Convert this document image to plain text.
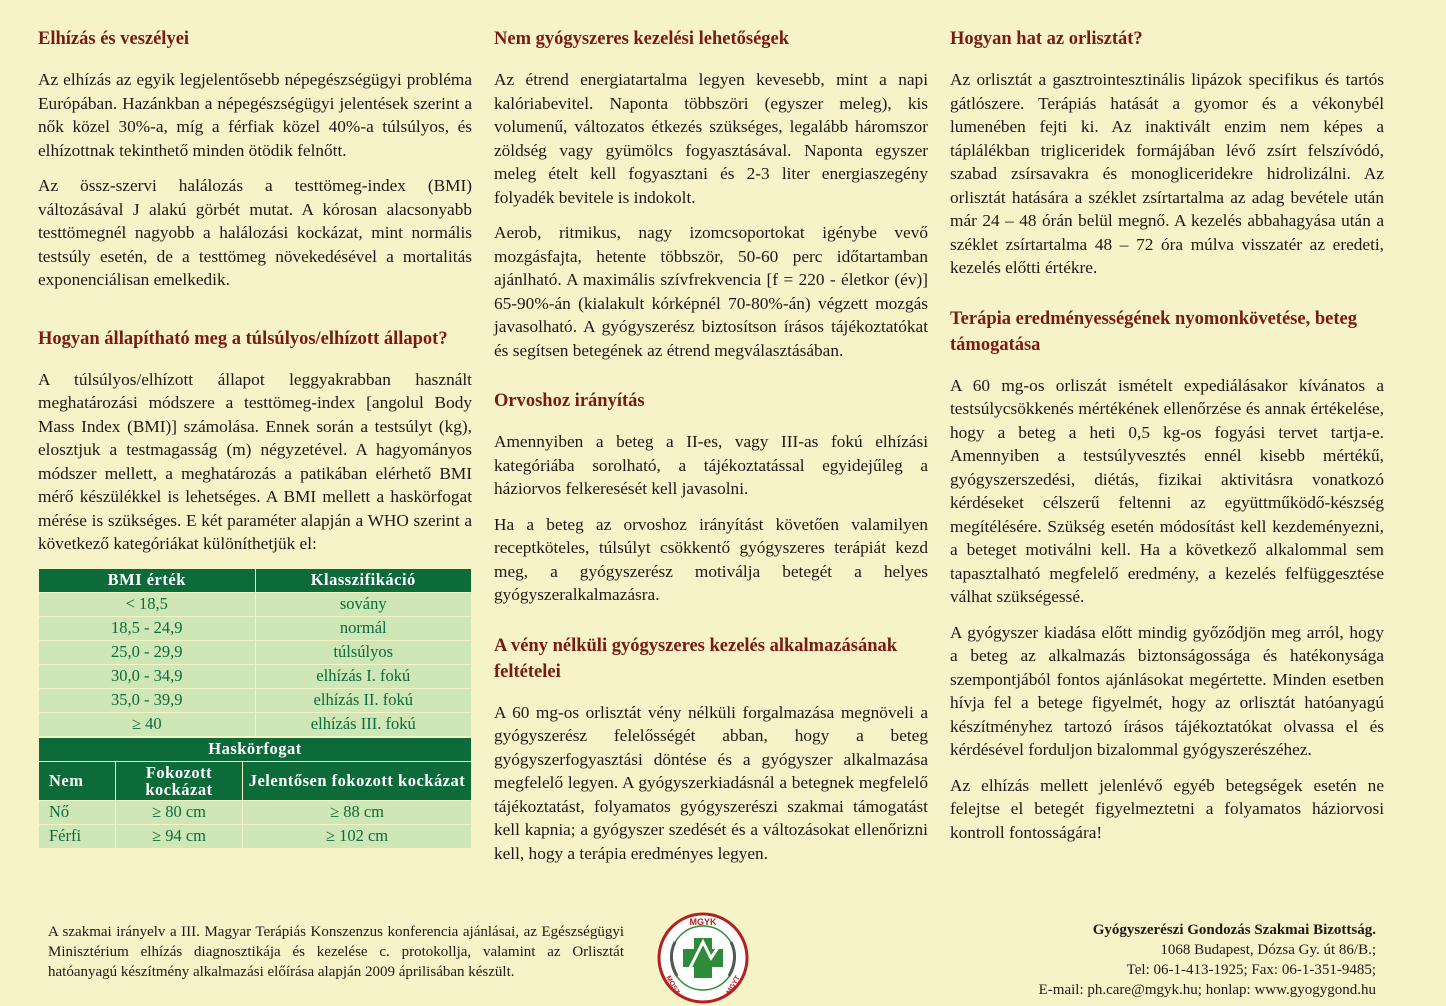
Elhízás és veszélyei

Az elhízás az egyik legjelentősebb népegészségügyi probléma Európában. Hazánkban a népegészségügyi jelentések szerint a nők közel 30%-a, míg a férfiak közel 40%-a túlsúlyos, és elhízottnak tekinthető minden ötödik felnőtt.

Az össz-szervi halálozás a testtömeg-index (BMI) változásával J alakú görbét mutat. A kórosan alacsonyabb testtömegnél nagyobb a halálozási kockázat, mint normális testsúly esetén, de a testtömeg növekedésével a mortalitás exponenciálisan emelkedik.

Hogyan állapítható meg a túlsúlyos/elhízott állapot?

A túlsúlyos/elhízott állapot leggyakrabban használt meghatározási módszere a testtömeg-index [angolul Body Mass Index (BMI)] számolása. Ennek során a testsúlyt (kg), elosztjuk a testmagasság (m) négyzetével. A hagyományos módszer mellett, a meghatározás a patikában elérhető BMI mérő készülékkel is lehetséges. A BMI mellett a haskörfogat mérése is szükséges. E két paraméter alapján a WHO szerint a következő kategóriákat különíthetjük el:

BMI érték	Klasszifikáció
< 18,5	sovány
18,5 - 24,9	normál
25,0 - 29,9	túlsúlyos
30,0 - 34,9	elhízás I. fokú
35,0 - 39,9	elhízás II. fokú
≥ 40	elhízás III. fokú
Haskörfogat		
Nem	Fokozott kockázat	Jelentősen fokozott kockázat
Nő	≥ 80 cm	≥ 88 cm
Férfi	≥ 94 cm	≥ 102 cm
Nem gyógyszeres kezelési lehetőségek

Az étrend energiatartalma legyen kevesebb, mint a napi kalóriabevitel. Naponta többszöri (egyszer meleg), kis volumenű, változatos étkezés szükséges, legalább háromszor zöldség vagy gyümölcs fogyasztásával. Naponta egyszer meleg ételt kell fogyasztani és 2-3 liter energiaszegény folyadék bevitele is indokolt.

Aerob, ritmikus, nagy izomcsoportokat igénybe vevő mozgásfajta, hetente többször, 50-60 perc időtartamban ajánlható. A maximális szívfrekvencia [f = 220 - életkor (év)] 65-90%-án (kialakult kórképnél 70-80%-án) végzett mozgás javasolható. A gyógyszerész biztosítson írásos tájékoztatókat és segítsen betegének az étrend megválasztásában.

Orvoshoz irányítás

Amennyiben a beteg a II-es, vagy III-as fokú elhízási kategóriába sorolható, a tájékoztatással egyidejűleg a háziorvos felkeresését kell javasolni.

Ha a beteg az orvoshoz irányítást követően valamilyen receptköteles, túlsúlyt csökkentő gyógyszeres terápiát kezd meg, a gyógyszerész motiválja betegét a helyes gyógyszeralkalmazásra.

A vény nélküli gyógyszeres kezelés alkalmazásának feltételei

A 60 mg-os orlisztát vény nélküli forgalmazása megnöveli a gyógyszerész felelősségét abban, hogy a beteg gyógyszerfogyasztási döntése és a gyógyszer alkalmazása megfelelő legyen. A gyógyszerkiadásnál a betegnek megfelelő tájékoztatást, folyamatos gyógyszerészi szakmai támogatást kell kapnia; a gyógyszer szedését és a változásokat ellenőrizni kell, hogy a terápia eredményes legyen.

Hogyan hat az orlisztát?

Az orlisztát a gasztrointesztinális lipázok specifikus és tartós gátlószere. Terápiás hatását a gyomor és a vékonybél lumenében fejti ki. Az inaktivált enzim nem képes a táplálékban trigliceridek formájában lévő zsírt felszívódó, szabad zsírsavakra és monogliceridekre hidrolizálni. Az orlisztát hatására a széklet zsírtartalma az adag bevétele után már 24 – 48 órán belül megnő. A kezelés abbahagyása után a széklet zsírtartalma 48 – 72 óra múlva visszatér az eredeti, kezelés előtti értékre.

Terápia eredményességének nyomonkövetése, beteg támogatása

A 60 mg-os orliszát ismételt expediálásakor kívánatos a testsúlycsökkenés mértékének ellenőrzése és annak értékelése, hogy a beteg a heti 0,5 kg-os fogyási tervet tartja-e. Amennyiben a testsúlyvesztés ennél kisebb mértékű, gyógyszerszedési, diétás, fizikai aktivitásra vonatkozó kérdéseket célszerű feltenni az együttműködő-készség megítélésére. Szükség esetén módosítást kell kezdeményezni, a beteget motiválni kell. Ha a következő alkalommal sem tapasztalható megfelelő eredmény, a kezelés felfüggesztése válhat szükségessé.

A gyógyszer kiadása előtt mindig győződjön meg arról, hogy a beteg az alkalmazás biztonságossága és hatékonysága szempontjából fontos ajánlásokat megértette. Minden esetben hívja fel a betege figyelmét, hogy az orlisztát hatóanyagú készítményhez tartozó írásos tájékoztatókat olvassa el és kérdésével forduljon bizalommal gyógyszerészéhez.

Az elhízás mellett jelenlévő egyéb betegségek esetén ne felejtse el betegét figyelmeztetni a folyamatos háziorvosi kontroll fontosságára!

A szakmai irányelv a III. Magyar Terápiás Konszenzus konferencia ajánlásai, az Egészségügyi Minisztérium elhízás diagnosztikája és kezelése c. protokollja, valamint az Orlisztát hatóanyagú készítmény alkalmazási előírása alapján 2009 áprilisában készült.
MGYK
MOSZ	MGYT
Gyógyszerészi Gondozás Szakmai Bizottság.
1068 Budapest, Dózsa Gy. út 86/B.;
Tel: 06-1-413-1925; Fax: 06-1-351-9485;
E-mail: ph.care@mgyk.hu; honlap: www.gyogygond.hu
